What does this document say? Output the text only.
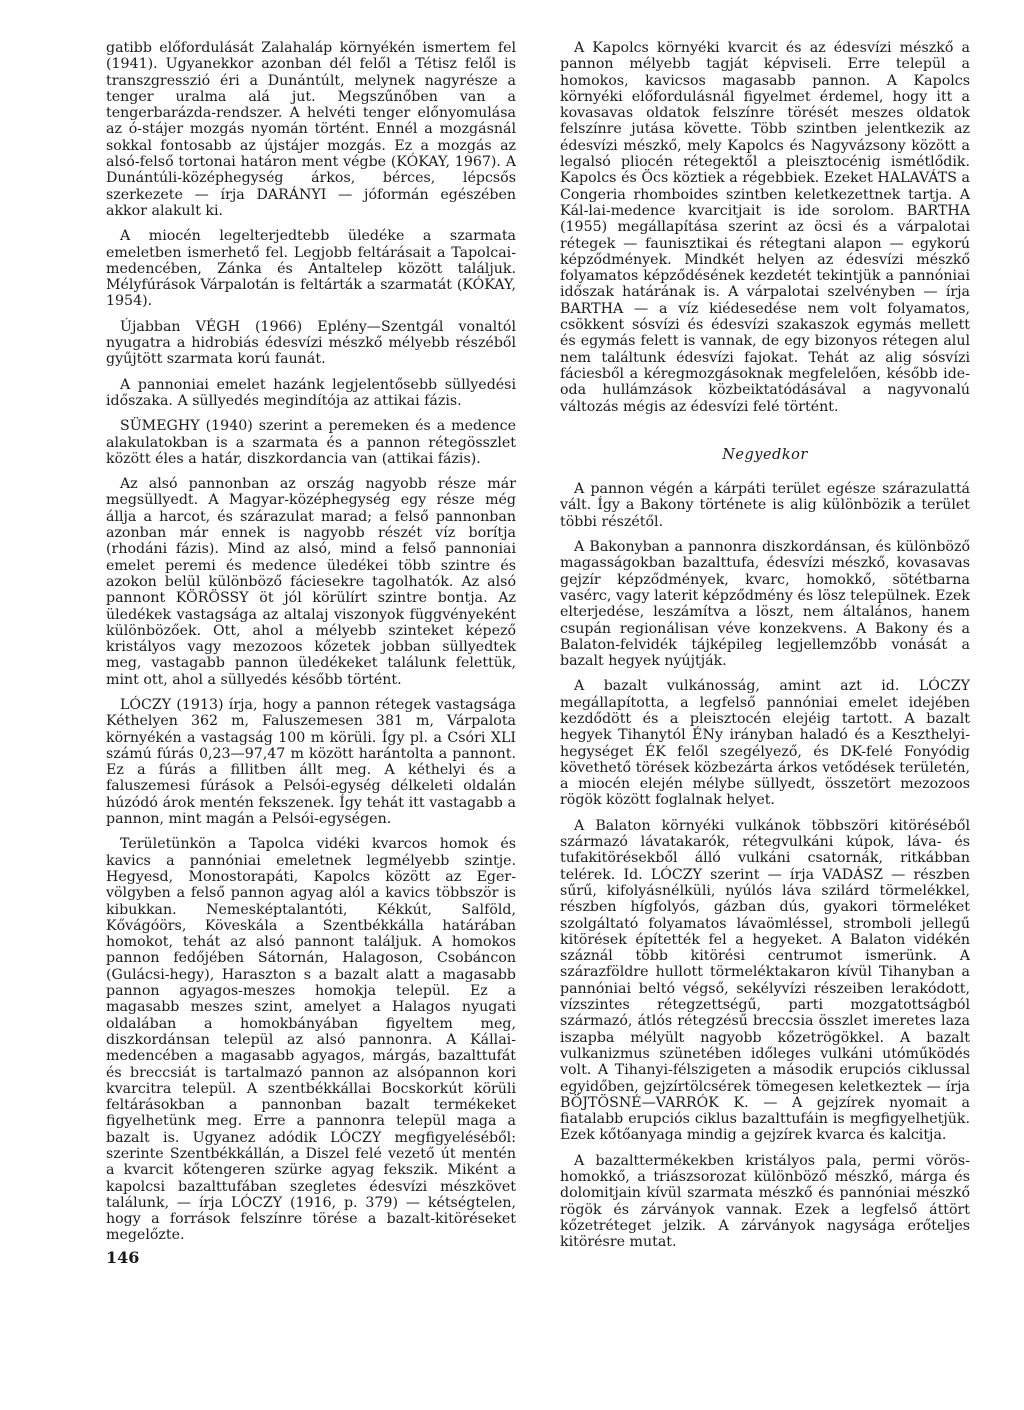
gatibb előfordulását Zalahaláp környékén ismertem fel (1941). Ugyanekkor azonban dél felől a Tétisz felől is transzgresszió éri a Dunántúlt, melynek nagyrésze a tenger uralma alá jut. Megszűnőben van a tengerbarázda-rendszer. A helvéti tenger előnyomulása az ó-stájer mozgás nyomán történt. Ennél a mozgásnál sokkal fontosabb az újstájer mozgás. Ez a mozgás az alsó-felső tortonai határon ment végbe (KÓKAY, 1967). A Dunántúli-középhegység árkos, bérces, lépcsős szerkezete — írja DARÁNYI — jóformán egészében akkor alakult ki.

A miocén legelterjedtebb üledéke a szarmata emeletben ismerhető fel. Legjobb feltárásait a Tapolcai-medencében, Zánka és Antaltelep között találjuk. Mélyfúrások Várpalotán is feltárták a szarmatát (KÓKAY, 1954).

Újabban VÉGH (1966) Eplény—Szentgál vonaltól nyugatra a hidrobiás édesvízi mészkő mélyebb részéből gyűjtött szarmata korú faunát.

A pannoniai emelet hazánk legjelentősebb süllyedési időszaka. A süllyedés megindítója az attikai fázis.

SÜMEGHY (1940) szerint a peremeken és a medence alakulatokban is a szarmata és a pannon rétegösszlet között éles a határ, diszkordancia van (attikai fázis).

Az alsó pannonban az ország nagyobb része már megsüllyedt. A Magyar-középhegység egy része még állja a harcot, és szárazulat marad; a felső pannonban azonban már ennek is nagyobb részét víz borítja (rhodáni fázis). Mind az alsó, mind a felső pannoniai emelet peremi és medence üledékei több szintre és azokon belül különböző fáciesekre tagolhatók. Az alsó pannont KÖRÖSSY öt jól körülírt szintre bontja. Az üledékek vastagsága az altalaj viszonyok függvényeként különbözőek. Ott, ahol a mélyebb szinteket képező kristályos vagy mezozoos kőzetek jobban süllyedtek meg, vastagabb pannon üledékeket találunk felettük, mint ott, ahol a süllyedés később történt.

LÓCZY (1913) írja, hogy a pannon rétegek vastagsága Kéthelyen 362 m, Faluszemesen 381 m, Várpalota környékén a vastagság 100 m körüli. Így pl. a Csóri XLI számú fúrás 0,23—97,47 m között harántolta a pannont. Ez a fúrás a fillitben állt meg. A kéthelyi és a faluszemesi fúrások a Pelsói-egység délkeleti oldalán húzódó árok mentén fekszenek. Így tehát itt vastagabb a pannon, mint magán a Pelsói-egységen.

Területünkön a Tapolca vidéki kvarcos homok és kavics a pannóniai emeletnek legmélyebb szintje. Hegyesd, Monostorapáti, Kapolcs között az Eger-völgyben a felső pannon agyag alól a kavics többször is kibukkan. Nemesképtalantóti, Kékkút, Salföld, Kővágóörs, Köveskála a Szentbékkálla határában homokot, tehát az alsó pannont találjuk. A homokos pannon fedőjében Sátornán, Halagoson, Csobáncon (Gulácsi-hegy), Haraszton s a bazalt alatt a magasabb pannon agyagos-meszes homokja települ. Ez a magasabb meszes szint, amelyet a Halagos nyugati oldalában a homokbányában figyeltem meg, diszkordánsan települ az alsó pannonra. A Kállai-medencében a magasabb agyagos, márgás, bazalttufát és breccsiát is tartalmazó pannon az alsópannon kori kvarcitra települ. A szentbékkállai Bocskorkút körüli feltárásokban a pannonban bazalt termékeket figyelhetünk meg. Erre a pannonra települ maga a bazalt is. Ugyanez adódik LÓCZY megfigyeléséből: szerinte Szentbékkállán, a Diszel felé vezető út mentén a kvarcit kőtengeren szürke agyag fekszik. Miként a kapolcsi bazalttufában szegletes édesvízi mészkövet találunk, — írja LÓCZY (1916, p. 379) — kétségtelen, hogy a források felszínre törése a bazalt-kitöréseket megelőzte.

A Kapolcs környéki kvarcit és az édesvízi mészkő a pannon mélyebb tagját képviseli. Erre települ a homokos, kavicsos magasabb pannon. A Kapolcs környéki előfordulásnál figyelmet érdemel, hogy itt a kovasavas oldatok felszínre törését meszes oldatok felszínre jutása követte. Több szintben jelentkezik az édesvízi mészkő, mely Kapolcs és Nagyvázsony között a legalsó pliocén rétegektől a pleisztocénig ismétlődik. Kapolcs és Öcs köztiek a régebbiek. Ezeket HALAVÁTS a Congeria rhomboides szintben keletkezettnek tartja. A Kál-lai-medence kvarcitjait is ide sorolom. BARTHA (1955) megállapítása szerint az öcsi és a várpalotai rétegek — faunisztikai és rétegtani alapon — egykorú képződmények. Mindkét helyen az édesvízi mészkő folyamatos képződésének kezdetét tekintjük a pannóniai időszak határának is. A várpalotai szelvényben — írja BARTHA — a víz kiédesedése nem volt folyamatos, csökkent sósvízi és édesvízi szakaszok egymás mellett és egymás felett is vannak, de egy bizonyos rétegen alul nem találtunk édesvízi fajokat. Tehát az alig sósvízi fáciesből a kéregmozgásoknak megfelelően, később ide-oda hullámzások közbeiktatódásával a nagyvonalú változás mégis az édesvízi felé történt.

Negyedkor

A pannon végén a kárpáti terület egésze szárazulattá vált. Így a Bakony története is alig különbözik a terület többi részétől.

A Bakonyban a pannonra diszkordánsan, és különböző magasságokban bazalttufa, édesvízi mészkő, kovasavas gejzír képződmények, kvarc, homokkő, sötétbarna vasérc, vagy laterit képződmény és lösz települnek. Ezek elterjedése, leszámítva a löszt, nem általános, hanem csupán regionálisan véve konzekvens. A Bakony és a Balaton-felvidék tájképileg legjellemzőbb vonását a bazalt hegyek nyújtják.

A bazalt vulkánosság, amint azt id. LÓCZY megállapította, a legfelső pannóniai emelet idejében kezdődött és a pleisztocén elejéig tartott. A bazalt hegyek Tihanytól ÉNy irányban haladó és a Keszthelyi-hegységet ÉK felől szegélyező, és DK-felé Fonyódig követhető törések közbezárta árkos vetődések területén, a miocén elején mélybe süllyedt, összetört mezozoos rögök között foglalnak helyet.

A Balaton környéki vulkánok többszöri kitöréséből származó lávatakarók, rétegvulkáni kúpok, láva- és tufakitörésekből álló vulkáni csatornák, ritkábban telérek. Id. LÓCZY szerint — írja VADÁSZ — részben sűrű, kifolyásnélküli, nyúlós láva szilárd törmelékkel, részben hígfolyós, gázban dús, gyakori törmeléket szolgáltató folyamatos lávaömléssel, stromboli jellegű kitörések építették fel a hegyeket. A Balaton vidékén száznál több kitörési centrumot ismerünk. A szárazföldre hullott törmeléktakaron kívül Tihanyban a pannóniai beltó végső, sekélyvízi részeiben lerakódott, vízszintes rétegzettségű, parti mozgatottságból származó, átlós rétegzésű breccsia összlet imeretes laza iszapba mélyült nagyobb kőzetrögökkel. A bazalt vulkanizmus szünetében időleges vulkáni utóműködés volt. A Tihanyi-félszigeten a második erupciós ciklussal egyidőben, gejzírtölcsérek tömegesen keletkeztek — írja BÖJTÖSNÉ—VARRÓK K. — A gejzírek nyomait a fiatalabb erupciós ciklus bazalttufáin is megfigyelhetjük. Ezek kőtőanyaga mindig a gejzírek kvarca és kalcitja.

A bazalttermékekben kristályos pala, permi vörös-homokkő, a triászsorozat különböző mészkő, márga és dolomitjain kívül szarmata mészkő és pannóniai mészkő rögök és zárványok vannak. Ezek a legfelső áttört kőzetréteget jelzik. A zárványok nagysága erőteljes kitörésre mutat.

146
